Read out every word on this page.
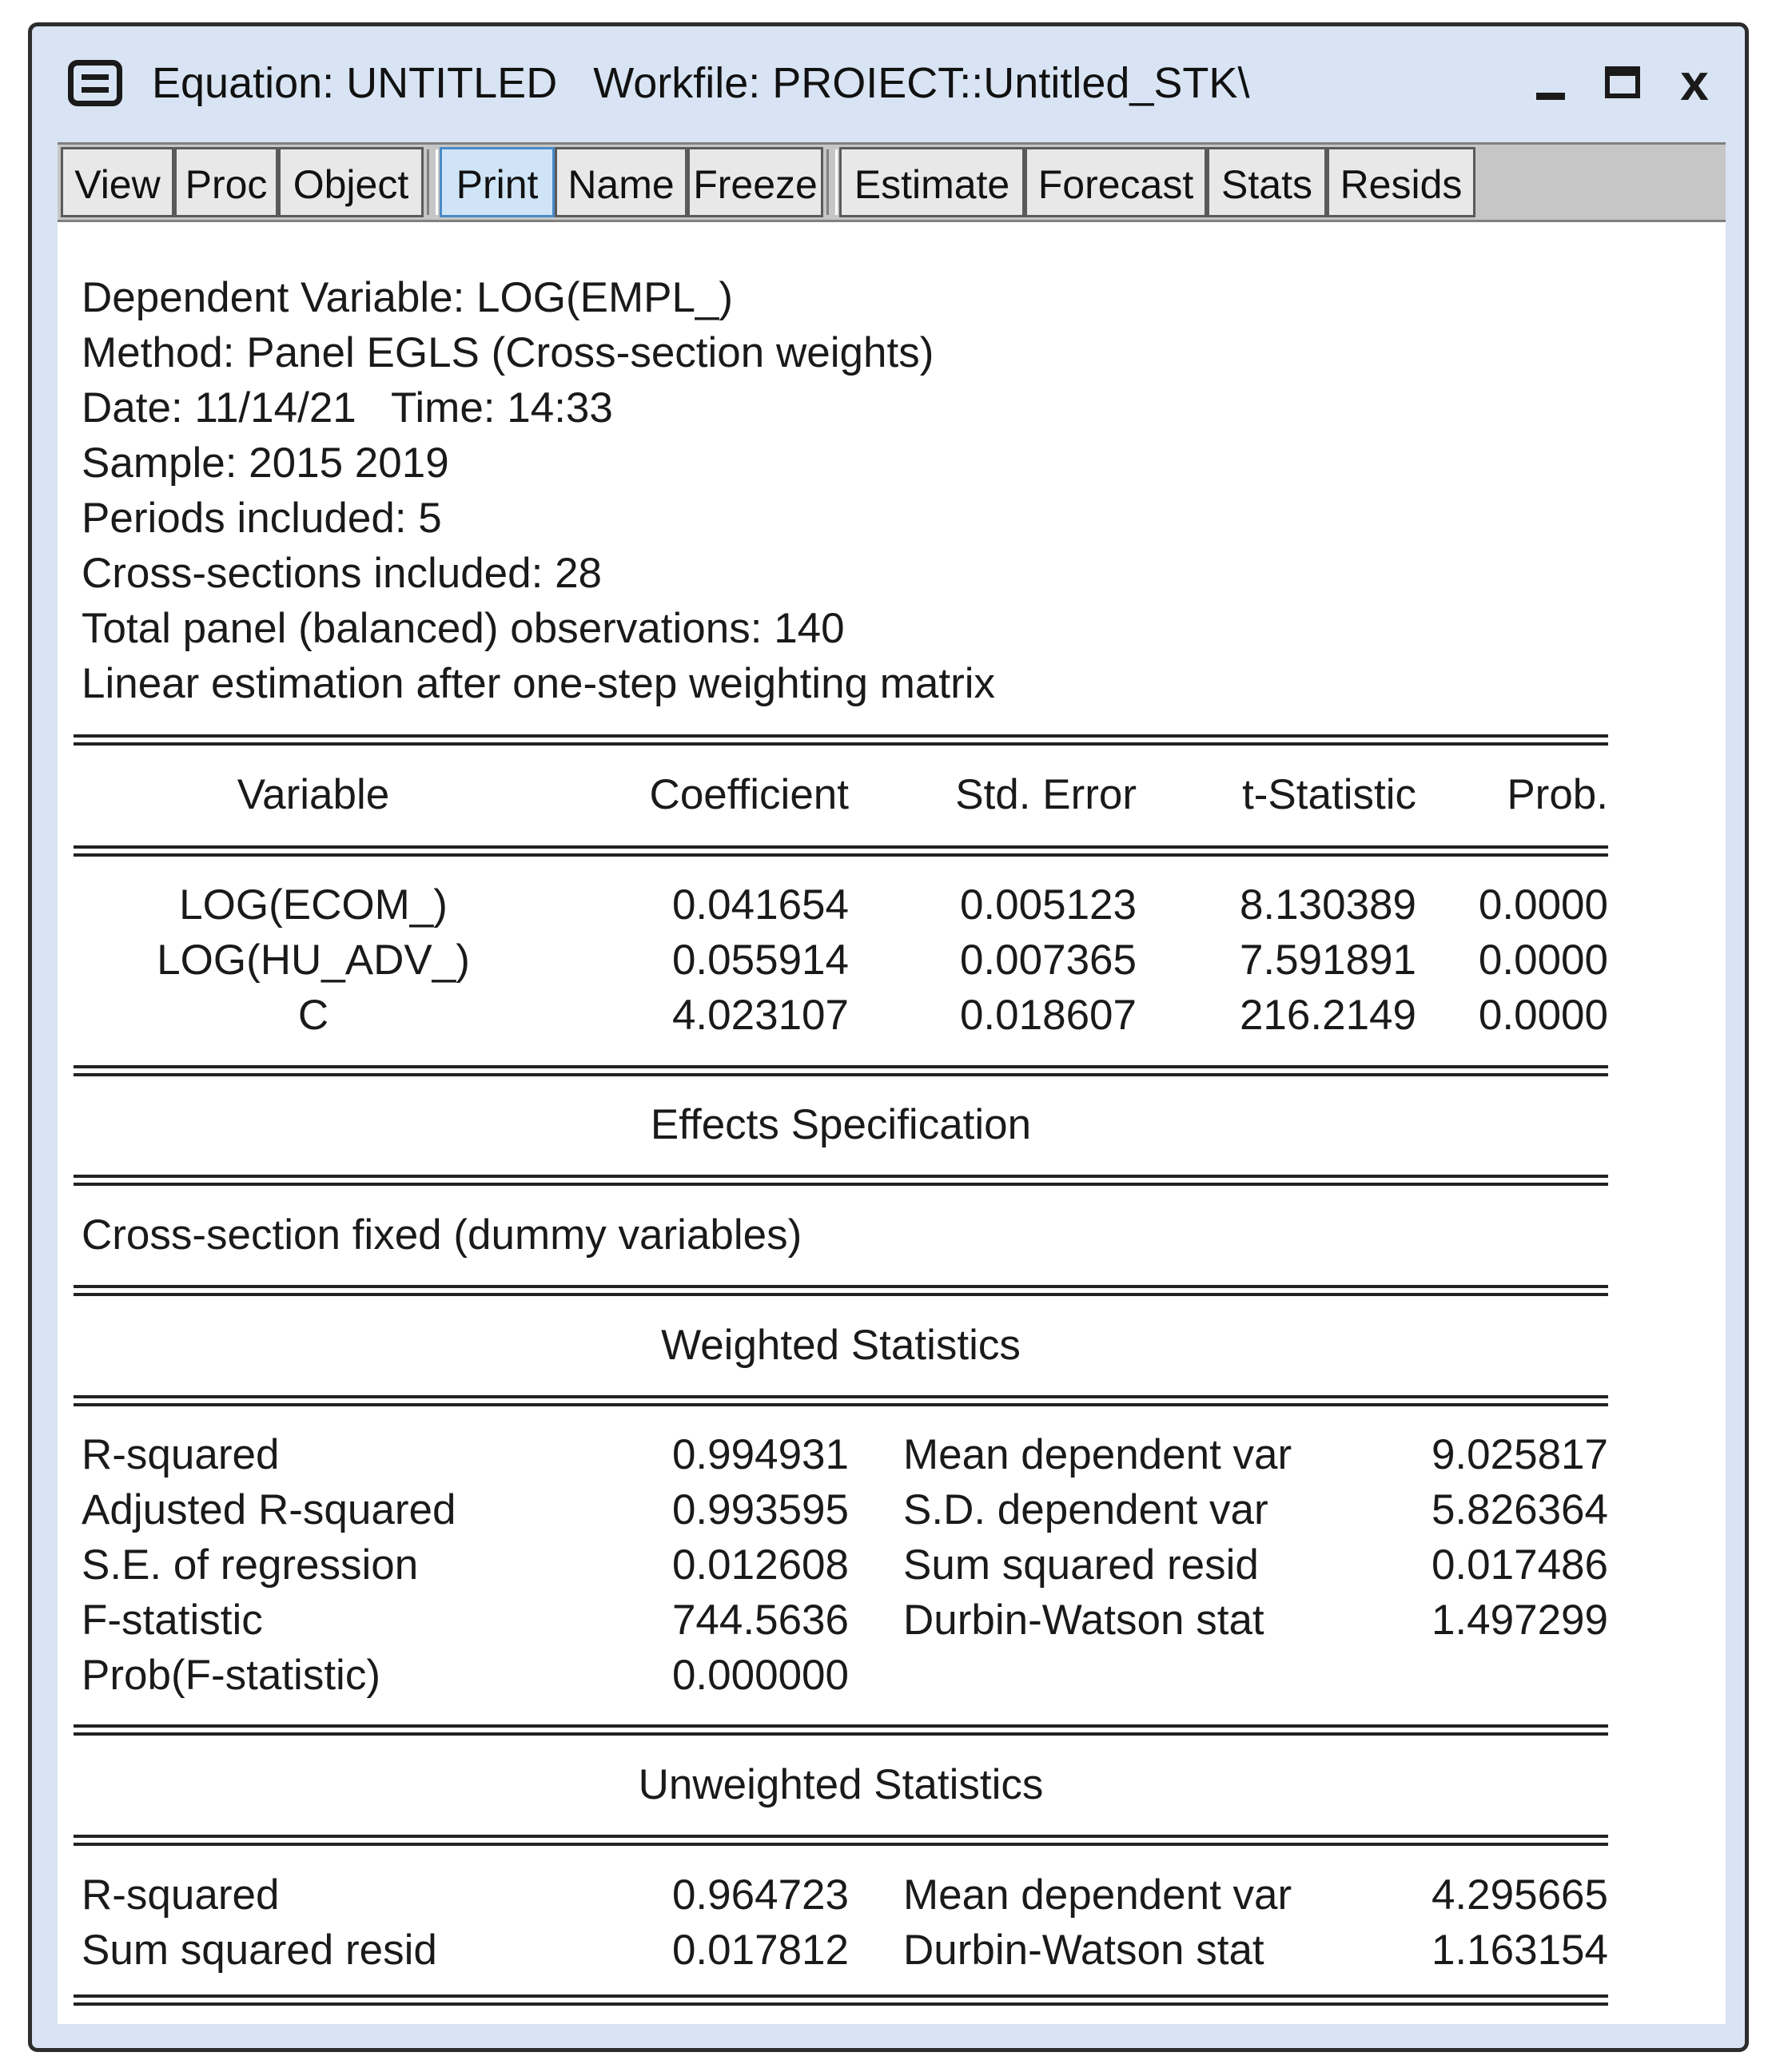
Equation: UNTITLED   Workfile: PROIECT::Untitled_STK\	x
View Proc Object	Print Name Freeze Estimate Forecast Stats Resids
Dependent Variable: LOG(EMPL_)
Method: Panel EGLS (Cross-section weights)
Date: 11/14/21   Time: 14:33
Sample: 2015 2019
Periods included: 5
Cross-sections included: 28
Total panel (balanced) observations: 140
Linear estimation after one-step weighting matrix
Variable	Coefficient	Std. Error	t-Statistic	Prob.
LOG(ECOM_)	0.041654	0.005123	8.130389	0.0000
LOG(HU_ADV_)	0.055914	0.007365	7.591891	0.0000
C	4.023107	0.018607	216.2149	0.0000
Effects Specification
Cross-section fixed (dummy variables)
Weighted Statistics
R-squared	0.994931 Mean dependent var	9.025817
Adjusted R-squared	0.993595 S.D. dependent var	5.826364
S.E. of regression	0.012608 Sum squared resid	0.017486
F-statistic	744.5636 Durbin-Watson stat	1.497299
Prob(F-statistic)	0.000000
Unweighted Statistics
R-squared	0.964723 Mean dependent var	4.295665
Sum squared resid	0.017812 Durbin-Watson stat	1.163154
